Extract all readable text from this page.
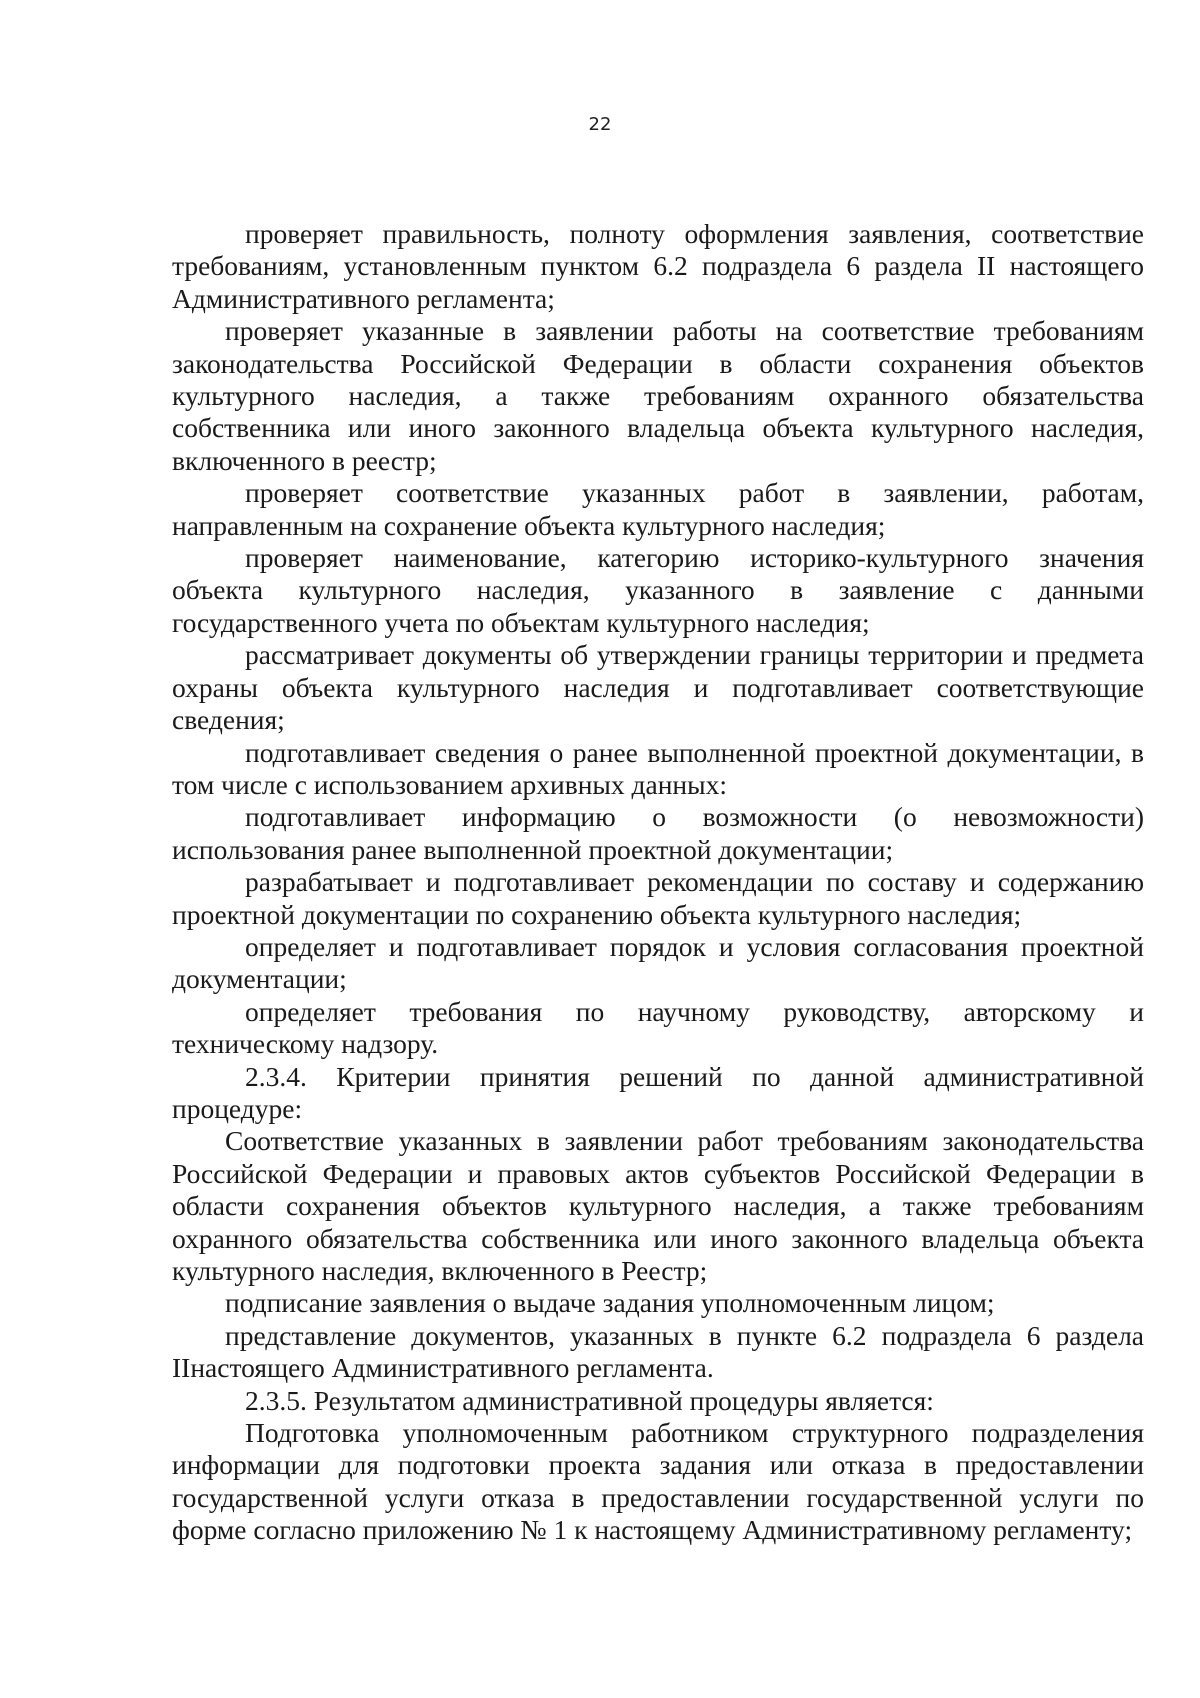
22

проверяет правильность, полноту оформления заявления, соответствие требованиям, установленным пунктом 6.2 подраздела 6 раздела II настоящего Административного регламента;

проверяет указанные в заявлении работы на соответствие требованиям законодательства Российской Федерации в области сохранения объектов культурного наследия, а также требованиям охранного обязательства собственника или иного законного владельца объекта культурного наследия, включенного в реестр;

проверяет соответствие указанных работ в заявлении, работам, направленным на сохранение объекта культурного наследия;

проверяет наименование, категорию историко-культурного значения объекта культурного наследия, указанного в заявление с данными государственного учета по объектам культурного наследия;

рассматривает документы об утверждении границы территории и предмета охраны объекта культурного наследия и подготавливает соответствующие сведения;

подготавливает сведения о ранее выполненной проектной документации, в том числе с использованием архивных данных:

подготавливает информацию о возможности (о невозможности) использования ранее выполненной проектной документации;

разрабатывает и подготавливает рекомендации по составу и содержанию проектной документации по сохранению объекта культурного наследия;

определяет и подготавливает порядок и условия согласования проектной документации;

определяет требования по научному руководству, авторскому и техническому надзору.

2.3.4. Критерии принятия решений по данной административной процедуре:

Соответствие указанных в заявлении работ требованиям законодательства Российской Федерации и правовых актов субъектов Российской Федерации в области сохранения объектов культурного наследия, а также требованиям охранного обязательства собственника или иного законного владельца объекта культурного наследия, включенного в Реестр;

подписание заявления о выдаче задания уполномоченным лицом;

представление документов, указанных в пункте 6.2 подраздела 6 раздела IIнастоящего Административного регламента.

2.3.5. Результатом административной процедуры является:

Подготовка уполномоченным работником структурного подразделения информации для подготовки проекта задания или отказа в предоставлении государственной услуги отказа в предоставлении государственной услуги по форме согласно приложению № 1 к настоящему Административному регламенту;
